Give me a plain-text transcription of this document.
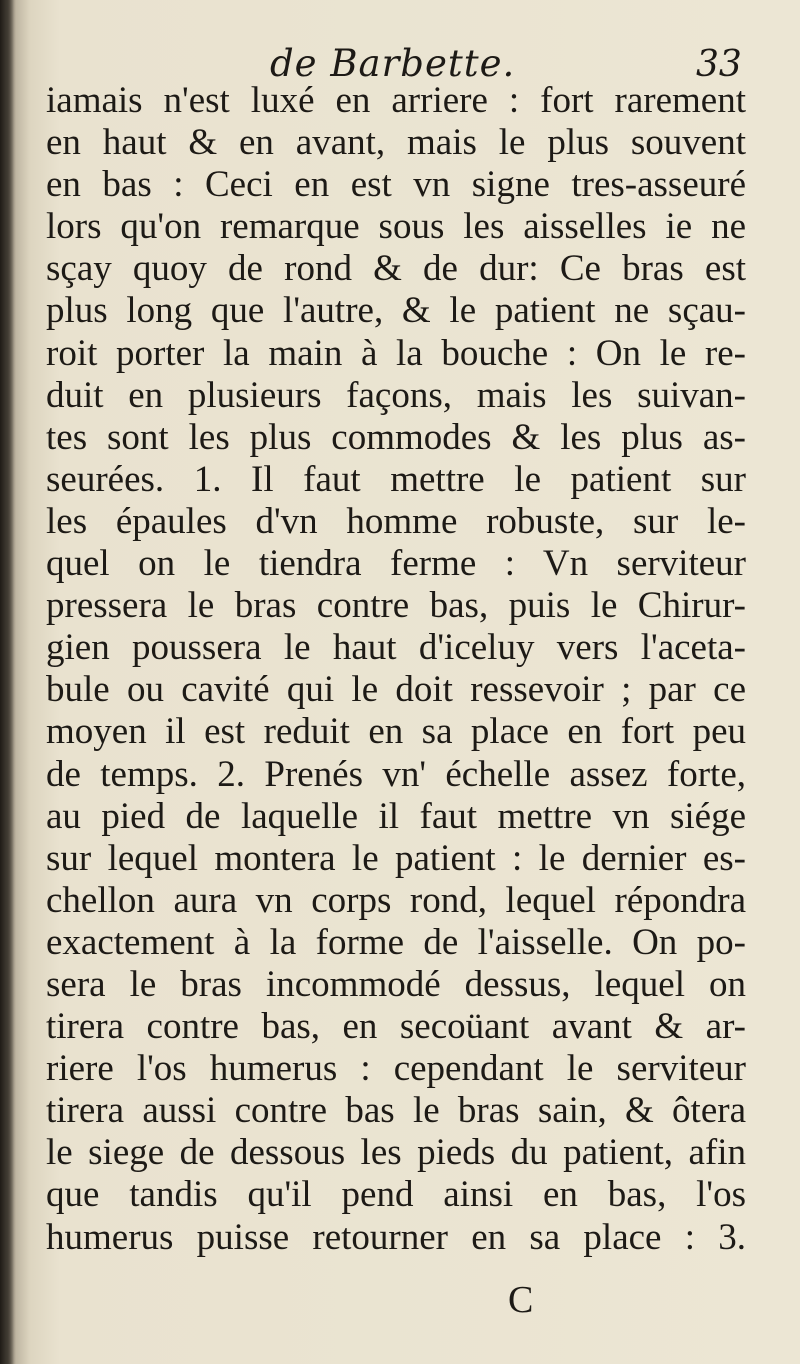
de Barbette.	33
iamais n'est luxé en arriere : fort rarement
en haut & en avant, mais le plus souvent
en bas : Ceci en est vn signe tres-asseuré
lors qu'on remarque sous les aisselles ie ne
sçay quoy de rond & de dur: Ce bras est
plus long que l'autre, & le patient ne sçau-
roit porter la main à la bouche : On le re-
duit en plusieurs façons, mais les suivan-
tes sont les plus commodes & les plus as-
seurées. 1. Il faut mettre le patient sur
les épaules d'vn homme robuste, sur le-
quel on le tiendra ferme : Vn serviteur
pressera le bras contre bas, puis le Chirur-
gien poussera le haut d'iceluy vers l'aceta-
bule ou cavité qui le doit ressevoir ; par ce
moyen il est reduit en sa place en fort peu
de temps. 2. Prenés vn' échelle assez forte,
au pied de laquelle il faut mettre vn siége
sur lequel montera le patient : le dernier es-
chellon aura vn corps rond, lequel répondra
exactement à la forme de l'aisselle. On po-
sera le bras incommodé dessus, lequel on
tirera contre bas, en secoüant avant & ar-
riere l'os humerus : cependant le serviteur
tirera aussi contre bas le bras sain, & ôtera
le siege de dessous les pieds du patient, afin
que tandis qu'il pend ainsi en bas, l'os
humerus puisse retourner en sa place : 3.
C
